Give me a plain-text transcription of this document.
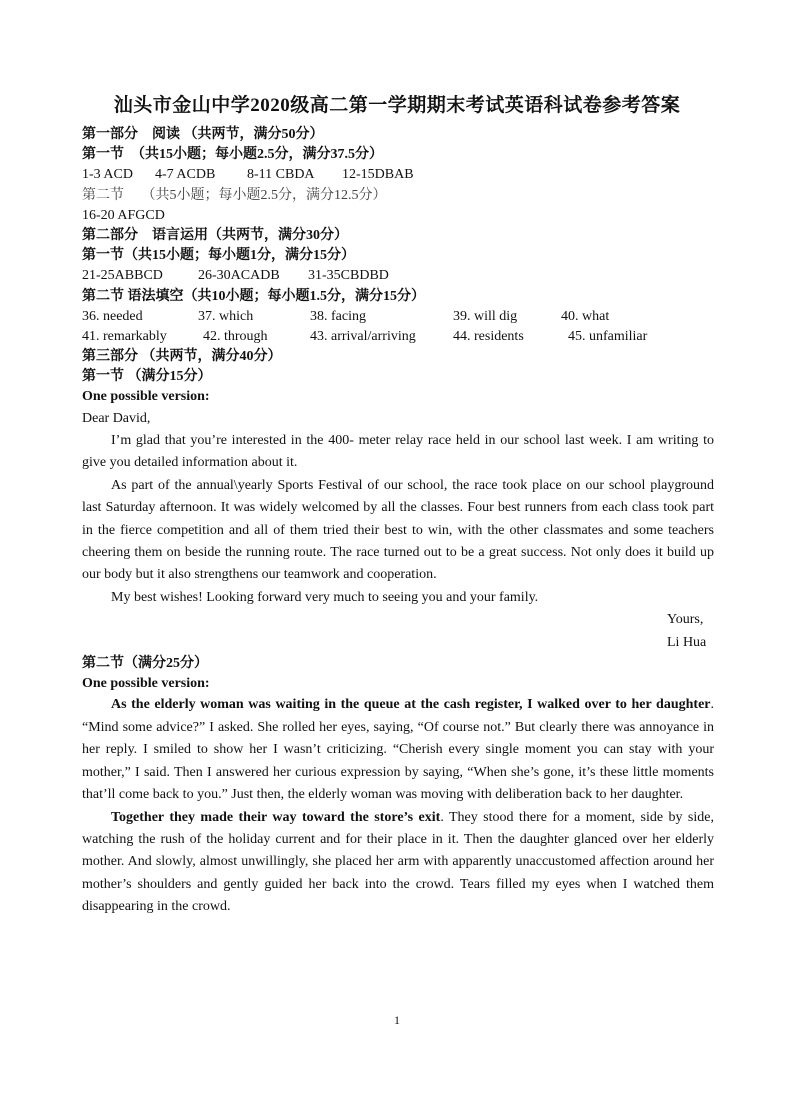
汕头市金山中学2020级高二第一学期期末考试英语科试卷参考答案
第一部分　阅读 （共两节，满分50分）
第一节　（共15小题；每小题2.5分，满分37.5分）
1-3 ACD 4-7 ACDB 8-11 CBDA 12-15DBAB
第二节　 （共5小题；每小题2.5分，满分12.5分）
16-20 AFGCD
第二部分　语言运用（共两节，满分30分）
第一节（共15小题；每小题1分，满分15分）
21-25ABBCD	26-30ACADB 31-35CBDBD
第二节 语法填空（共10小题；每小题1.5分，满分15分）
36. needed	37. which	38. facing	39. will dig	40. what
41. remarkably	42. through	43. arrival/arriving	44. residents	45. unfamiliar
第三部分 （共两节，满分40分）
第一节 （满分15分）
One possible version:
Dear David,

I’m glad that you’re interested in the 400- meter relay race held in our school last week. I am writing to give you detailed information about it.

As part of the annual\yearly Sports Festival of our school, the race took place on our school playground last Saturday afternoon. It was widely welcomed by all the classes. Four best runners from each class took part in the fierce competition and all of them tried their best to win, with the other classmates and some teachers cheering them on beside the running route. The race turned out to be a great success. Not only does it build up our body but it also strengthens our teamwork and cooperation.

My best wishes! Looking forward very much to seeing you and your family.

Yours,
Li Hua
第二节（满分25分）
One possible version:

As the elderly woman was waiting in the queue at the cash register, I walked over to her daughter. “Mind some advice?” I asked. She rolled her eyes, saying, “Of course not.” But clearly there was annoyance in her reply. I smiled to show her I wasn’t criticizing. “Cherish every single moment you can stay with your mother,” I said. Then I answered her curious expression by saying, “When she’s gone, it’s these little moments that’ll come back to you.” Just then, the elderly woman was moving with deliberation back to her daughter.

Together they made their way toward the store’s exit. They stood there for a moment, side by side, watching the rush of the holiday current and for their place in it. Then the daughter glanced over her elderly mother. And slowly, almost unwillingly, she placed her arm with apparently unaccustomed affection around her mother’s shoulders and gently guided her back into the crowd. Tears filled my eyes when I watched them disappearing in the crowd.

1
